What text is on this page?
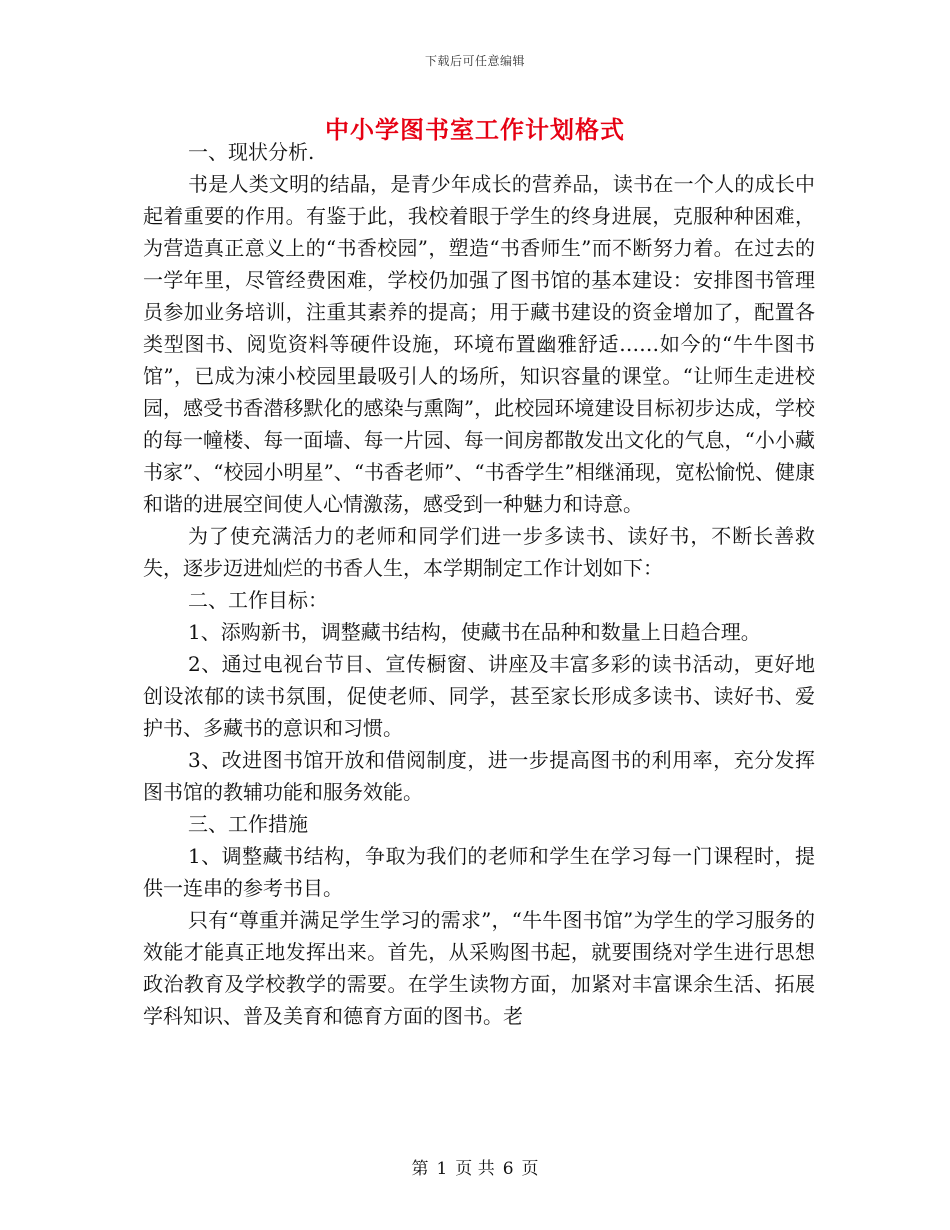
下载后可任意编辑
中小学图书室工作计划格式

一、现状分析.

书是人类文明的结晶，是青少年成长的营养品，读书在一个人的成长中起着重要的作用。有鉴于此，我校着眼于学生的终身进展，克服种种困难，为营造真正意义上的“书香校园”，塑造“书香师生”而不断努力着。在过去的一学年里，尽管经费困难，学校仍加强了图书馆的基本建设：安排图书管理员参加业务培训，注重其素养的提高；用于藏书建设的资金增加了，配置各类型图书、阅览资料等硬件设施，环境布置幽雅舒适……如今的“牛牛图书馆”，已成为涑小校园里最吸引人的场所，知识容量的课堂。“让师生走进校园，感受书香潜移默化的感染与熏陶”，此校园环境建设目标初步达成，学校的每一幢楼、每一面墙、每一片园、每一间房都散发出文化的气息，“小小藏书家”、“校园小明星”、“书香老师”、“书香学生”相继涌现，宽松愉悦、健康和谐的进展空间使人心情激荡，感受到一种魅力和诗意。

为了使充满活力的老师和同学们进一步多读书、读好书，不断长善救失，逐步迈进灿烂的书香人生，本学期制定工作计划如下：

二、工作目标：

1、添购新书，调整藏书结构，使藏书在品种和数量上日趋合理。

2、通过电视台节目、宣传橱窗、讲座及丰富多彩的读书活动，更好地创设浓郁的读书氛围，促使老师、同学，甚至家长形成多读书、读好书、爱护书、多藏书的意识和习惯。

3、改进图书馆开放和借阅制度，进一步提高图书的利用率，充分发挥图书馆的教辅功能和服务效能。

三、工作措施

1、调整藏书结构，争取为我们的老师和学生在学习每一门课程时，提供一连串的参考书目。

只有“尊重并满足学生学习的需求”，“牛牛图书馆”为学生的学习服务的效能才能真正地发挥出来。首先，从采购图书起，就要围绕对学生进行思想政治教育及学校教学的需要。在学生读物方面，加紧对丰富课余生活、拓展学科知识、普及美育和德育方面的图书。老

第 1 页 共 6 页
